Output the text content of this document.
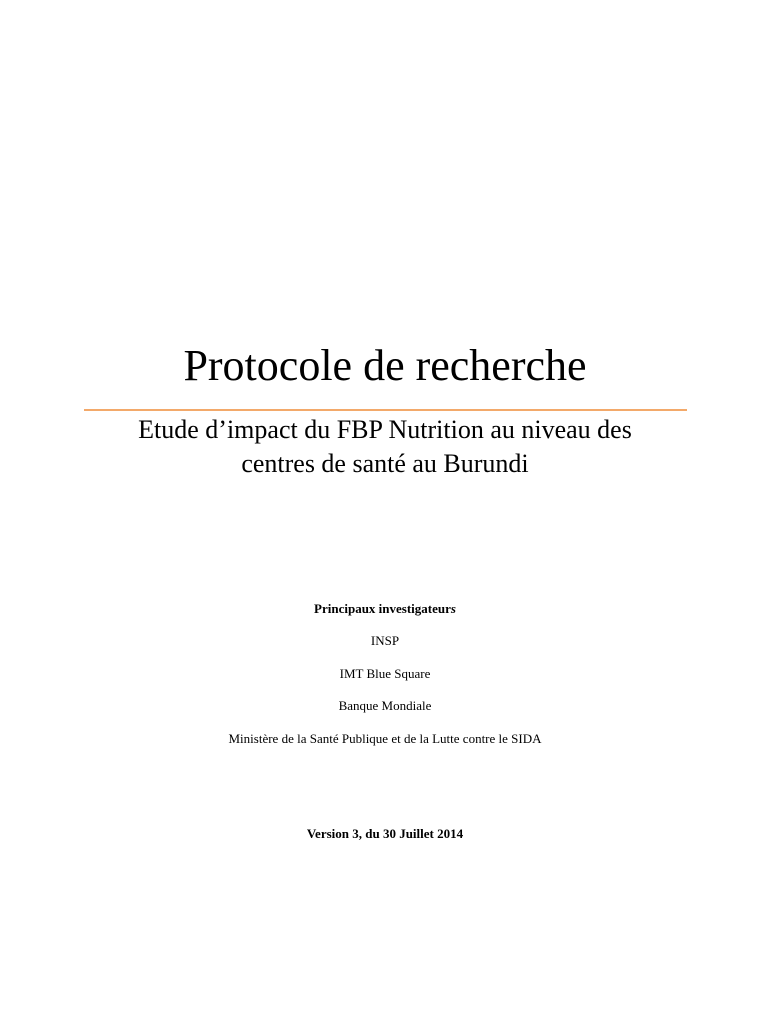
Protocole de recherche
Etude d’impact du FBP Nutrition au niveau des
centres de santé au Burundi

Principaux investigateurs

INSP
IMT Blue Square
Banque Mondiale
Ministère de la Santé Publique et de la Lutte contre le SIDA

Version 3, du 30 Juillet 2014
